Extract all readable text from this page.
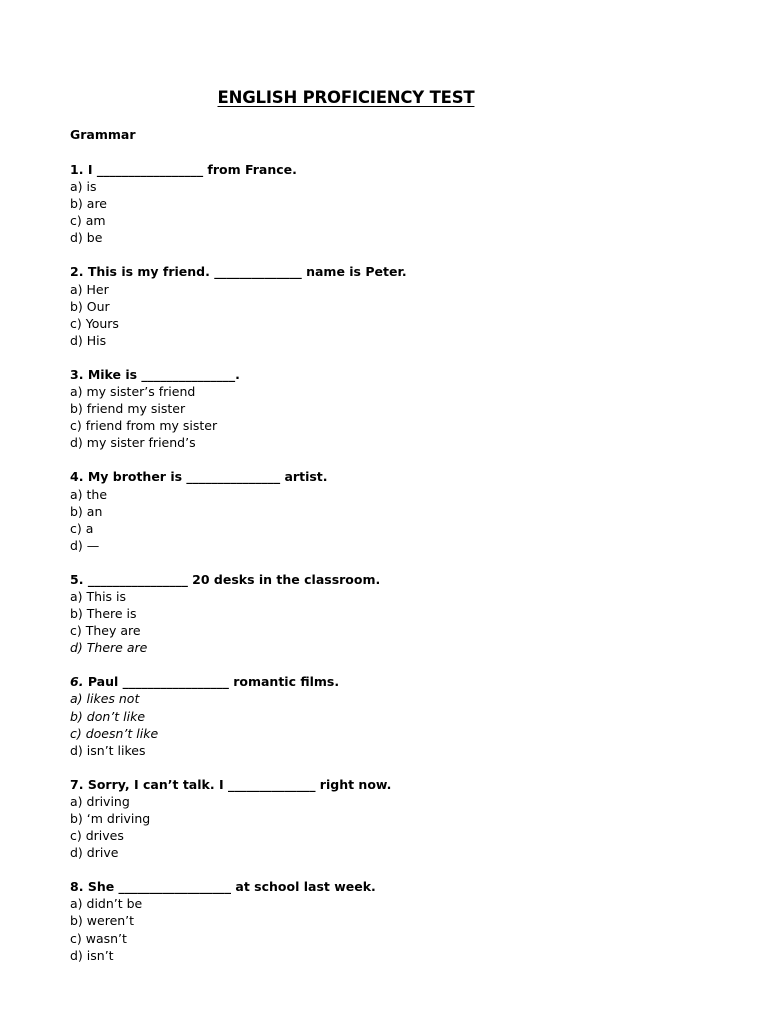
ENGLISH PROFICIENCY TEST
Grammar
1. I _________________ from France.
a) is
b) are
c) am
d) be
2. This is my friend. ______________ name is Peter.
a) Her
b) Our
c) Yours
d) His
3. Mike is _______________.
a) my sister’s friend
b) friend my sister
c) friend from my sister
d) my sister friend’s
4. My brother is _______________ artist.
a) the
b) an
c) a
d) —
5. ________________ 20 desks in the classroom.
a) This is
b) There is
c) They are
d) There are
6. Paul _________________ romantic films.
a) likes not
b) don’t like
c) doesn’t like
d) isn’t likes
7. Sorry, I can’t talk. I ______________ right now.
a) driving
b) ‘m driving
c) drives
d) drive
8. She __________________ at school last week.
a) didn’t be
b) weren’t
c) wasn’t
d) isn’t
